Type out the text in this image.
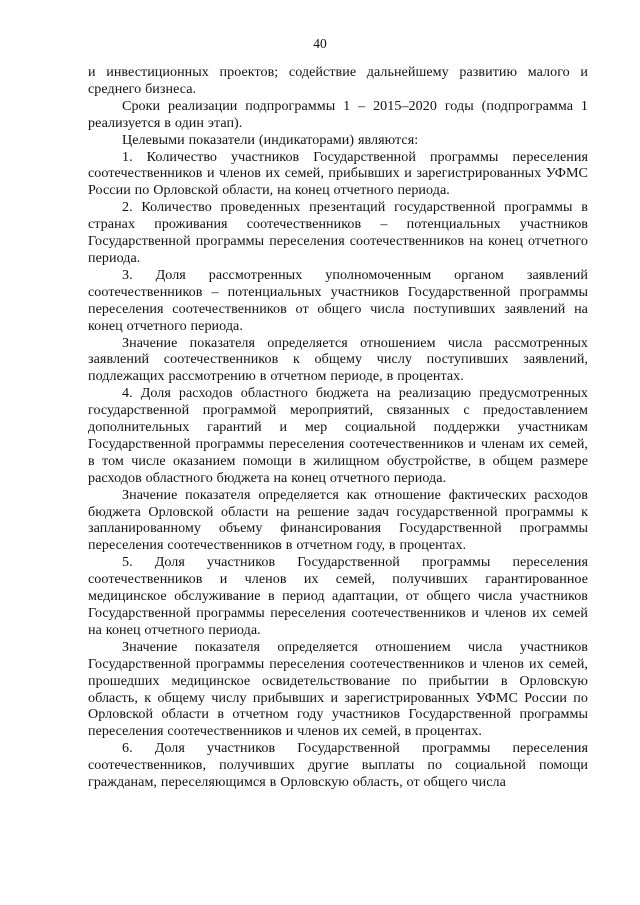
40

и инвестиционных проектов; содействие дальнейшему развитию малого и среднего бизнеса.

Сроки реализации подпрограммы 1 – 2015–2020 годы (подпрограмма 1 реализуется в один этап).

Целевыми показатели (индикаторами) являются:

1. Количество участников Государственной программы переселения соотечественников и членов их семей, прибывших и зарегистрированных УФМС России по Орловской области, на конец отчетного периода.

2. Количество проведенных презентаций государственной программы в странах проживания соотечественников – потенциальных участников Государственной программы переселения соотечественников на конец отчетного периода.

3. Доля рассмотренных уполномоченным органом заявлений соотечественников – потенциальных участников Государственной программы переселения соотечественников от общего числа поступивших заявлений на конец отчетного периода.

Значение показателя определяется отношением числа рассмотренных заявлений соотечественников к общему числу поступивших заявлений, подлежащих рассмотрению в отчетном периоде, в процентах.

4. Доля расходов областного бюджета на реализацию предусмотренных государственной программой мероприятий, связанных с предоставлением дополнительных гарантий и мер социальной поддержки участникам Государственной программы переселения соотечественников и членам их семей, в том числе оказанием помощи в жилищном обустройстве, в общем размере расходов областного бюджета на конец отчетного периода.

Значение показателя определяется как отношение фактических расходов бюджета Орловской области на решение задач государственной программы к запланированному объему финансирования Государственной программы переселения соотечественников в отчетном году, в процентах.

5. Доля участников Государственной программы переселения соотечественников и членов их семей, получивших гарантированное медицинское обслуживание в период адаптации, от общего числа участников Государственной программы переселения соотечественников и членов их семей на конец отчетного периода.

Значение показателя определяется отношением числа участников Государственной программы переселения соотечественников и членов их семей, прошедших медицинское освидетельствование по прибытии в Орловскую область, к общему числу прибывших и зарегистрированных УФМС России по Орловской области в отчетном году участников Государственной программы переселения соотечественников и членов их семей, в процентах.

6. Доля участников Государственной программы переселения соотечественников, получивших другие выплаты по социальной помощи гражданам, переселяющимся в Орловскую область, от общего числа
